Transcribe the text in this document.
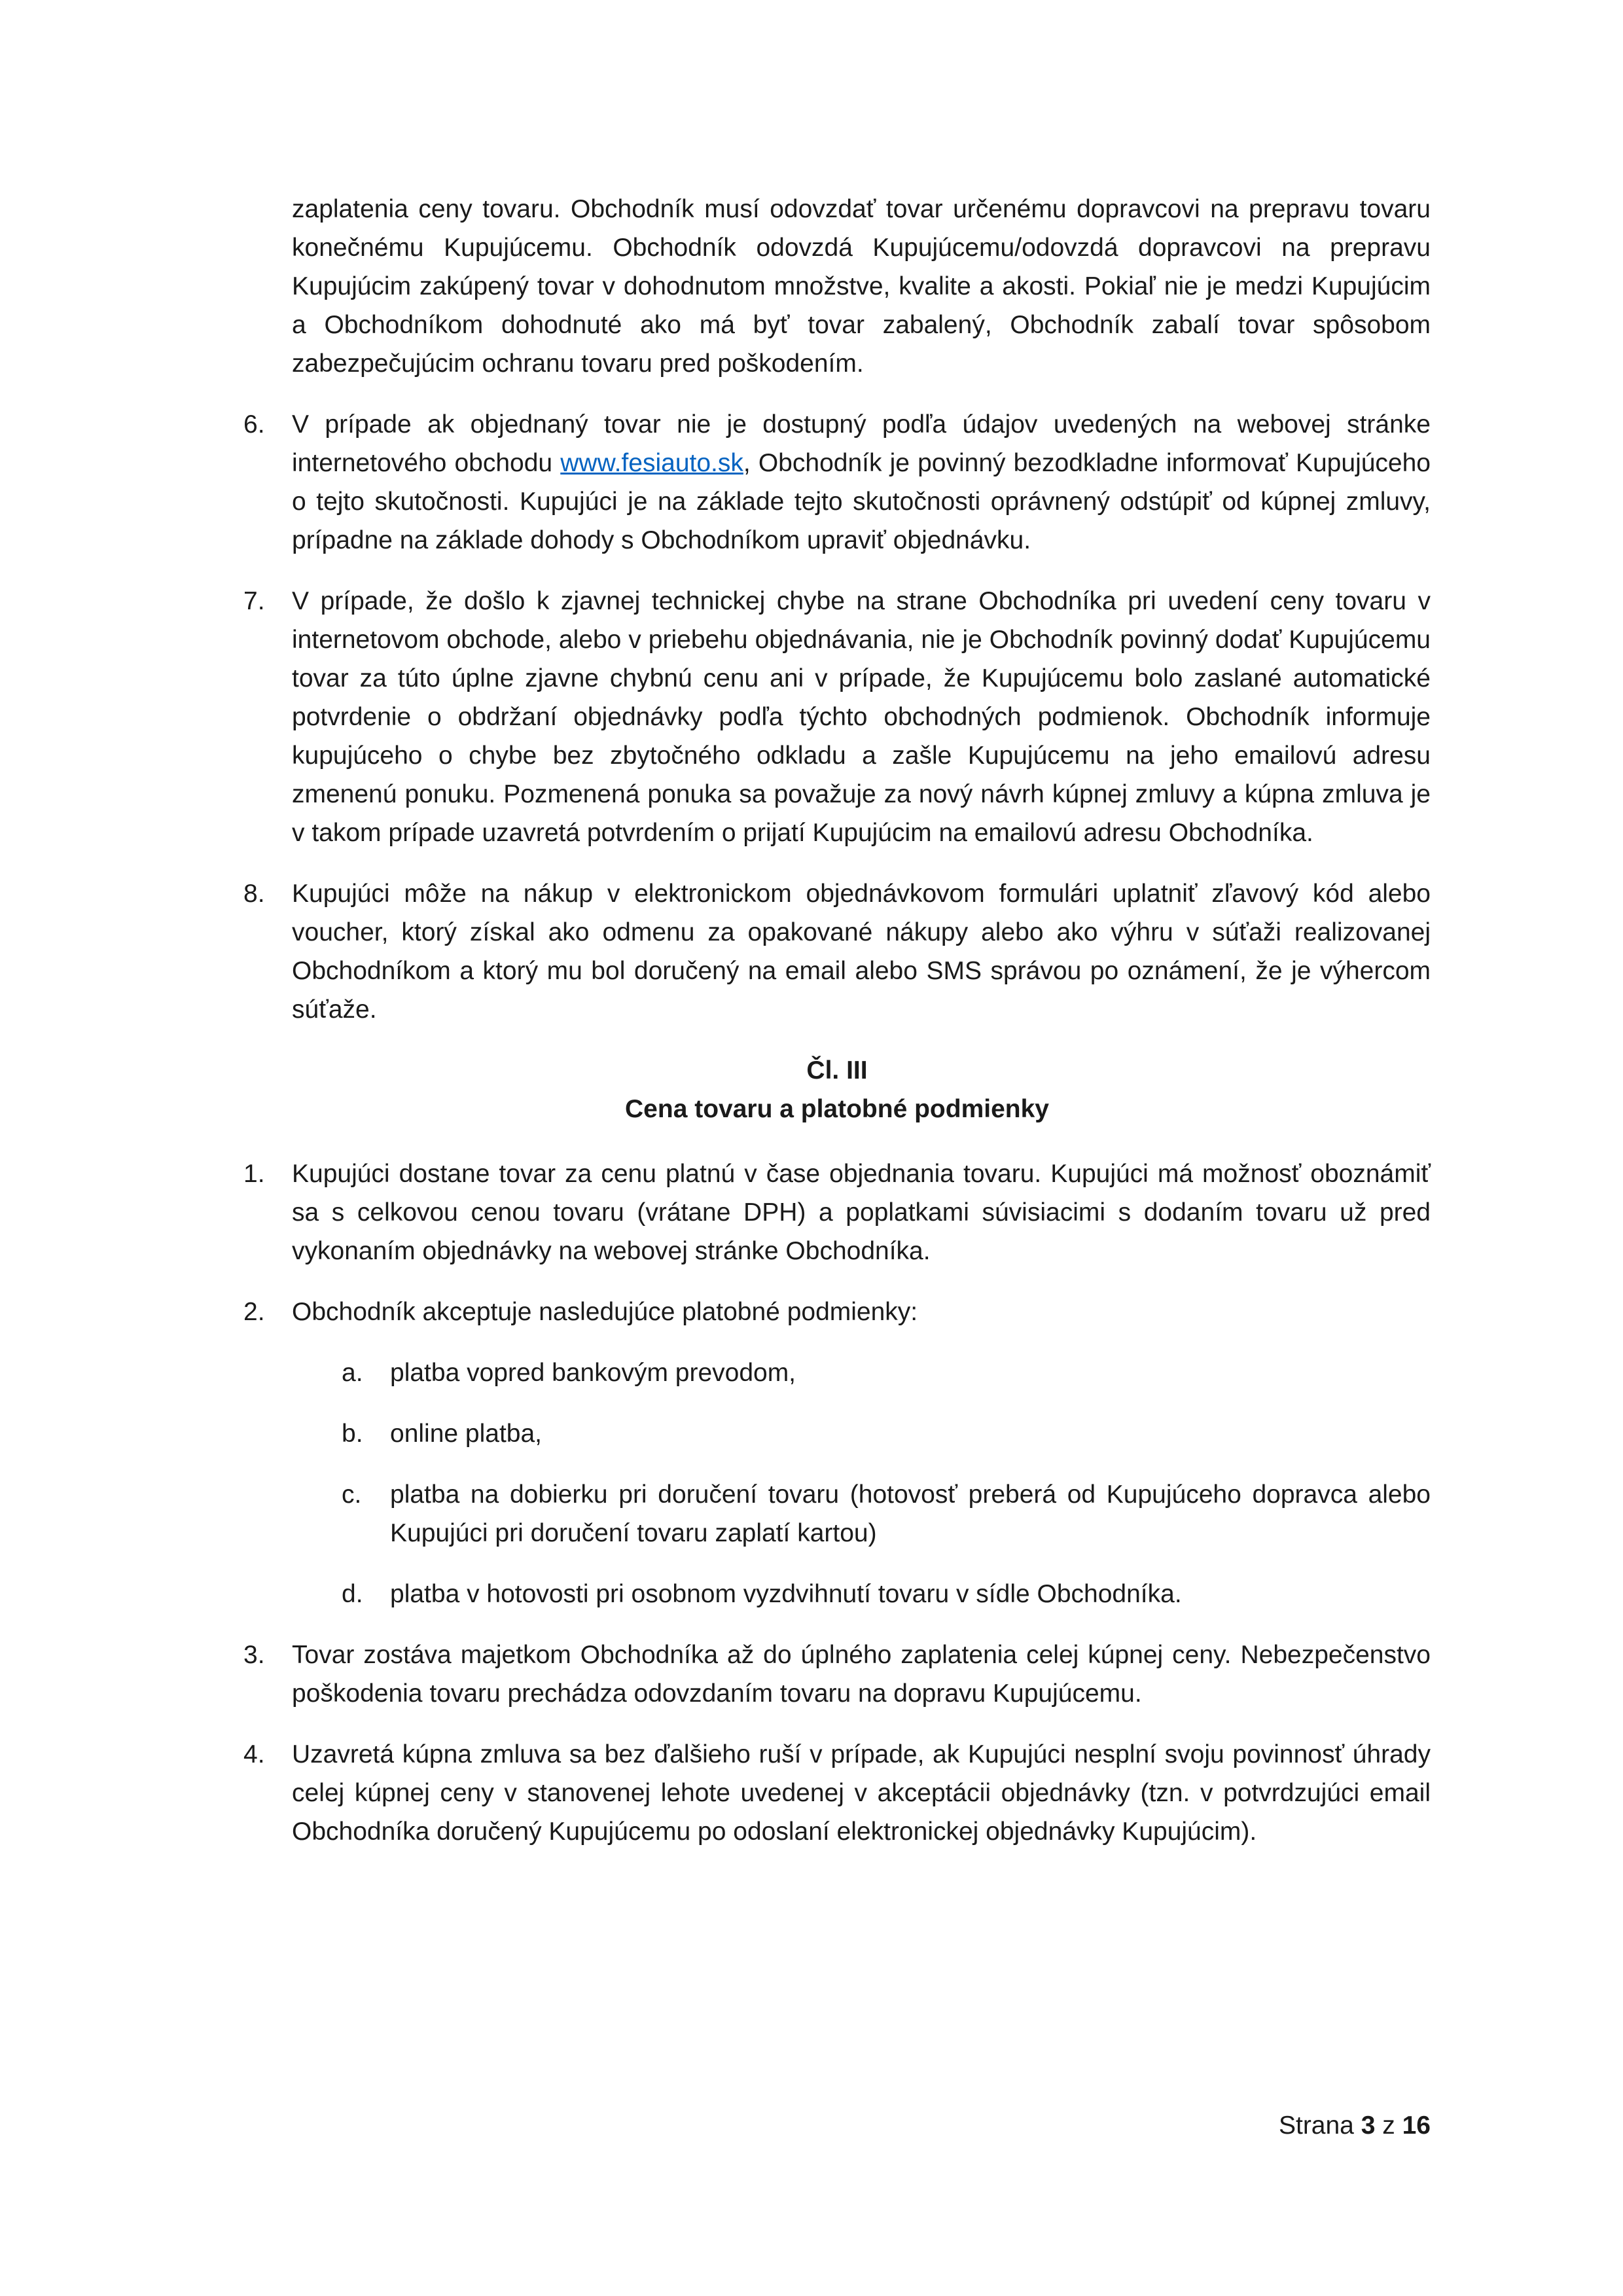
zaplatenia ceny tovaru. Obchodník musí odovzdať tovar určenému dopravcovi na prepravu tovaru konečnému Kupujúcemu. Obchodník odovzdá Kupujúcemu/odovzdá dopravcovi na prepravu Kupujúcim zakúpený tovar v dohodnutom množstve, kvalite a akosti. Pokiaľ nie je medzi Kupujúcim a Obchodníkom dohodnuté ako má byť tovar zabalený, Obchodník zabalí tovar spôsobom zabezpečujúcim ochranu tovaru pred poškodením.

6. V prípade ak objednaný tovar nie je dostupný podľa údajov uvedených na webovej stránke internetového obchodu www.fesiauto.sk, Obchodník je povinný bezodkladne informovať Kupujúceho o tejto skutočnosti. Kupujúci je na základe tejto skutočnosti oprávnený odstúpiť od kúpnej zmluvy, prípadne na základe dohody s Obchodníkom upraviť objednávku.

7. V prípade, že došlo k zjavnej technickej chybe na strane Obchodníka pri uvedení ceny tovaru v internetovom obchode, alebo v priebehu objednávania, nie je Obchodník povinný dodať Kupujúcemu tovar za túto úplne zjavne chybnú cenu ani v prípade, že Kupujúcemu bolo zaslané automatické potvrdenie o obdržaní objednávky podľa týchto obchodných podmienok. Obchodník informuje kupujúceho o chybe bez zbytočného odkladu a zašle Kupujúcemu na jeho emailovú adresu zmenenú ponuku. Pozmenená ponuka sa považuje za nový návrh kúpnej zmluvy a kúpna zmluva je v takom prípade uzavretá potvrdením o prijatí Kupujúcim na emailovú adresu Obchodníka.

8. Kupujúci môže na nákup v elektronickom objednávkovom formulári uplatniť zľavový kód alebo voucher, ktorý získal ako odmenu za opakované nákupy alebo ako výhru v súťaži realizovanej Obchodníkom a ktorý mu bol doručený na email alebo SMS správou po oznámení, že je výhercom súťaže.

Čl. III
Cena tovaru a platobné podmienky
1. Kupujúci dostane tovar za cenu platnú v čase objednania tovaru. Kupujúci má možnosť oboznámiť sa s celkovou cenou tovaru (vrátane DPH) a poplatkami súvisiacimi s dodaním tovaru už pred vykonaním objednávky na webovej stránke Obchodníka.

2. Obchodník akceptuje nasledujúce platobné podmienky:

a. platba vopred bankovým prevodom,

b. online platba,

c. platba na dobierku pri doručení tovaru (hotovosť preberá od Kupujúceho dopravca alebo Kupujúci pri doručení tovaru zaplatí kartou)

d. platba v hotovosti pri osobnom vyzdvihnutí tovaru v sídle Obchodníka.

3. Tovar zostáva majetkom Obchodníka až do úplného zaplatenia celej kúpnej ceny. Nebezpečenstvo poškodenia tovaru prechádza odovzdaním tovaru na dopravu Kupujúcemu.

4. Uzavretá kúpna zmluva sa bez ďalšieho ruší v prípade, ak Kupujúci nesplní svoju povinnosť úhrady celej kúpnej ceny v stanovenej lehote uvedenej v akceptácii objednávky (tzn. v potvrdzujúci email Obchodníka doručený Kupujúcemu po odoslaní elektronickej objednávky Kupujúcim).

Strana 3 z 16
